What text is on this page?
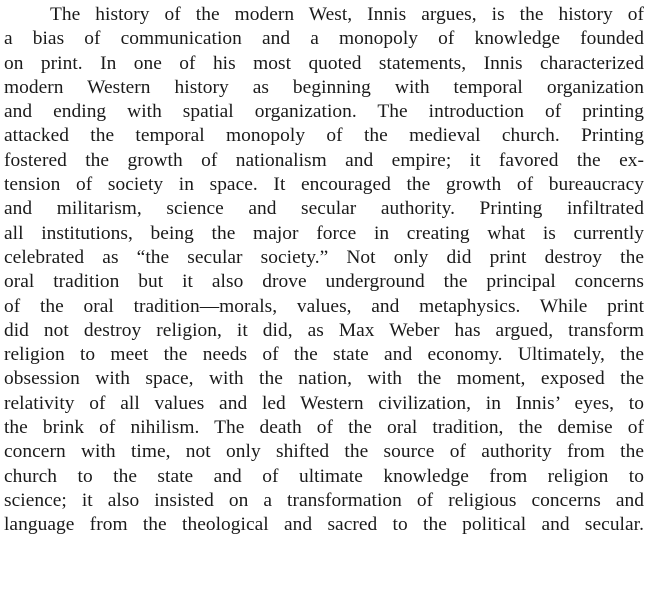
The history of the modern West, Innis argues, is the history of
a bias of communication and a monopoly of knowledge founded
on print. In one of his most quoted statements, Innis characterized
modern Western history as beginning with temporal organization
and ending with spatial organization. The introduction of printing
attacked the temporal monopoly of the medieval church. Printing
fostered the growth of nationalism and empire; it favored the ex-
tension of society in space. It encouraged the growth of bureaucracy
and militarism, science and secular authority. Printing infiltrated
all institutions, being the major force in creating what is currently
celebrated as “the secular society.” Not only did print destroy the
oral tradition but it also drove underground the principal concerns
of the oral tradition—morals, values, and metaphysics. While print
did not destroy religion, it did, as Max Weber has argued, transform
religion to meet the needs of the state and economy. Ultimately, the
obsession with space, with the nation, with the moment, exposed the
relativity of all values and led Western civilization, in Innis’ eyes, to
the brink of nihilism. The death of the oral tradition, the demise of
concern with time, not only shifted the source of authority from the
church to the state and of ultimate knowledge from religion to
science; it also insisted on a transformation of religious concerns and
language from the theological and sacred to the political and secular.
